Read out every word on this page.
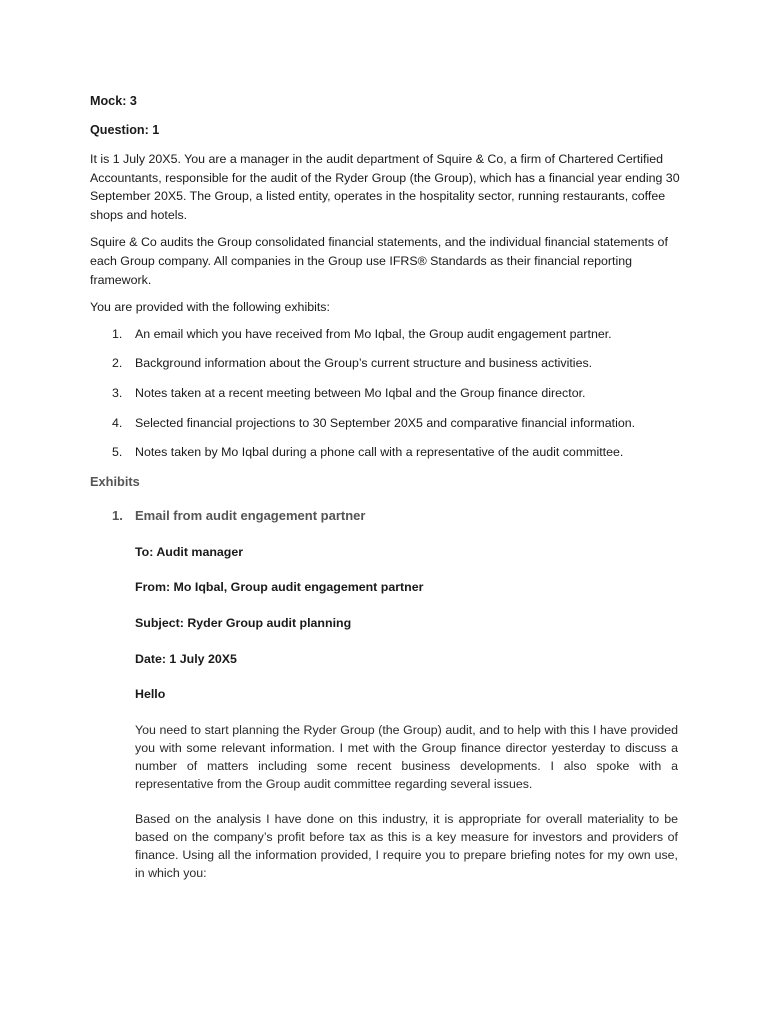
Mock: 3
Question: 1

It is 1 July 20X5. You are a manager in the audit department of Squire & Co, a firm of Chartered Certified Accountants, responsible for the audit of the Ryder Group (the Group), which has a financial year ending 30 September 20X5. The Group, a listed entity, operates in the hospitality sector, running restaurants, coffee shops and hotels.

Squire & Co audits the Group consolidated financial statements, and the individual financial statements of each Group company. All companies in the Group use IFRS® Standards as their financial reporting framework.

You are provided with the following exhibits:

1. An email which you have received from Mo Iqbal, the Group audit engagement partner.
2. Background information about the Group’s current structure and business activities.
3. Notes taken at a recent meeting between Mo Iqbal and the Group finance director.
4. Selected financial projections to 30 September 20X5 and comparative financial information.
5. Notes taken by Mo Iqbal during a phone call with a representative of the audit committee.
Exhibits
1. Email from audit engagement partner
To: Audit manager
From: Mo Iqbal, Group audit engagement partner
Subject: Ryder Group audit planning
Date: 1 July 20X5
Hello

You need to start planning the Ryder Group (the Group) audit, and to help with this I have provided you with some relevant information. I met with the Group finance director yesterday to discuss a number of matters including some recent business developments. I also spoke with a representative from the Group audit committee regarding several issues.

Based on the analysis I have done on this industry, it is appropriate for overall materiality to be based on the company’s profit before tax as this is a key measure for investors and providers of finance. Using all the information provided, I require you to prepare briefing notes for my own use, in which you:
